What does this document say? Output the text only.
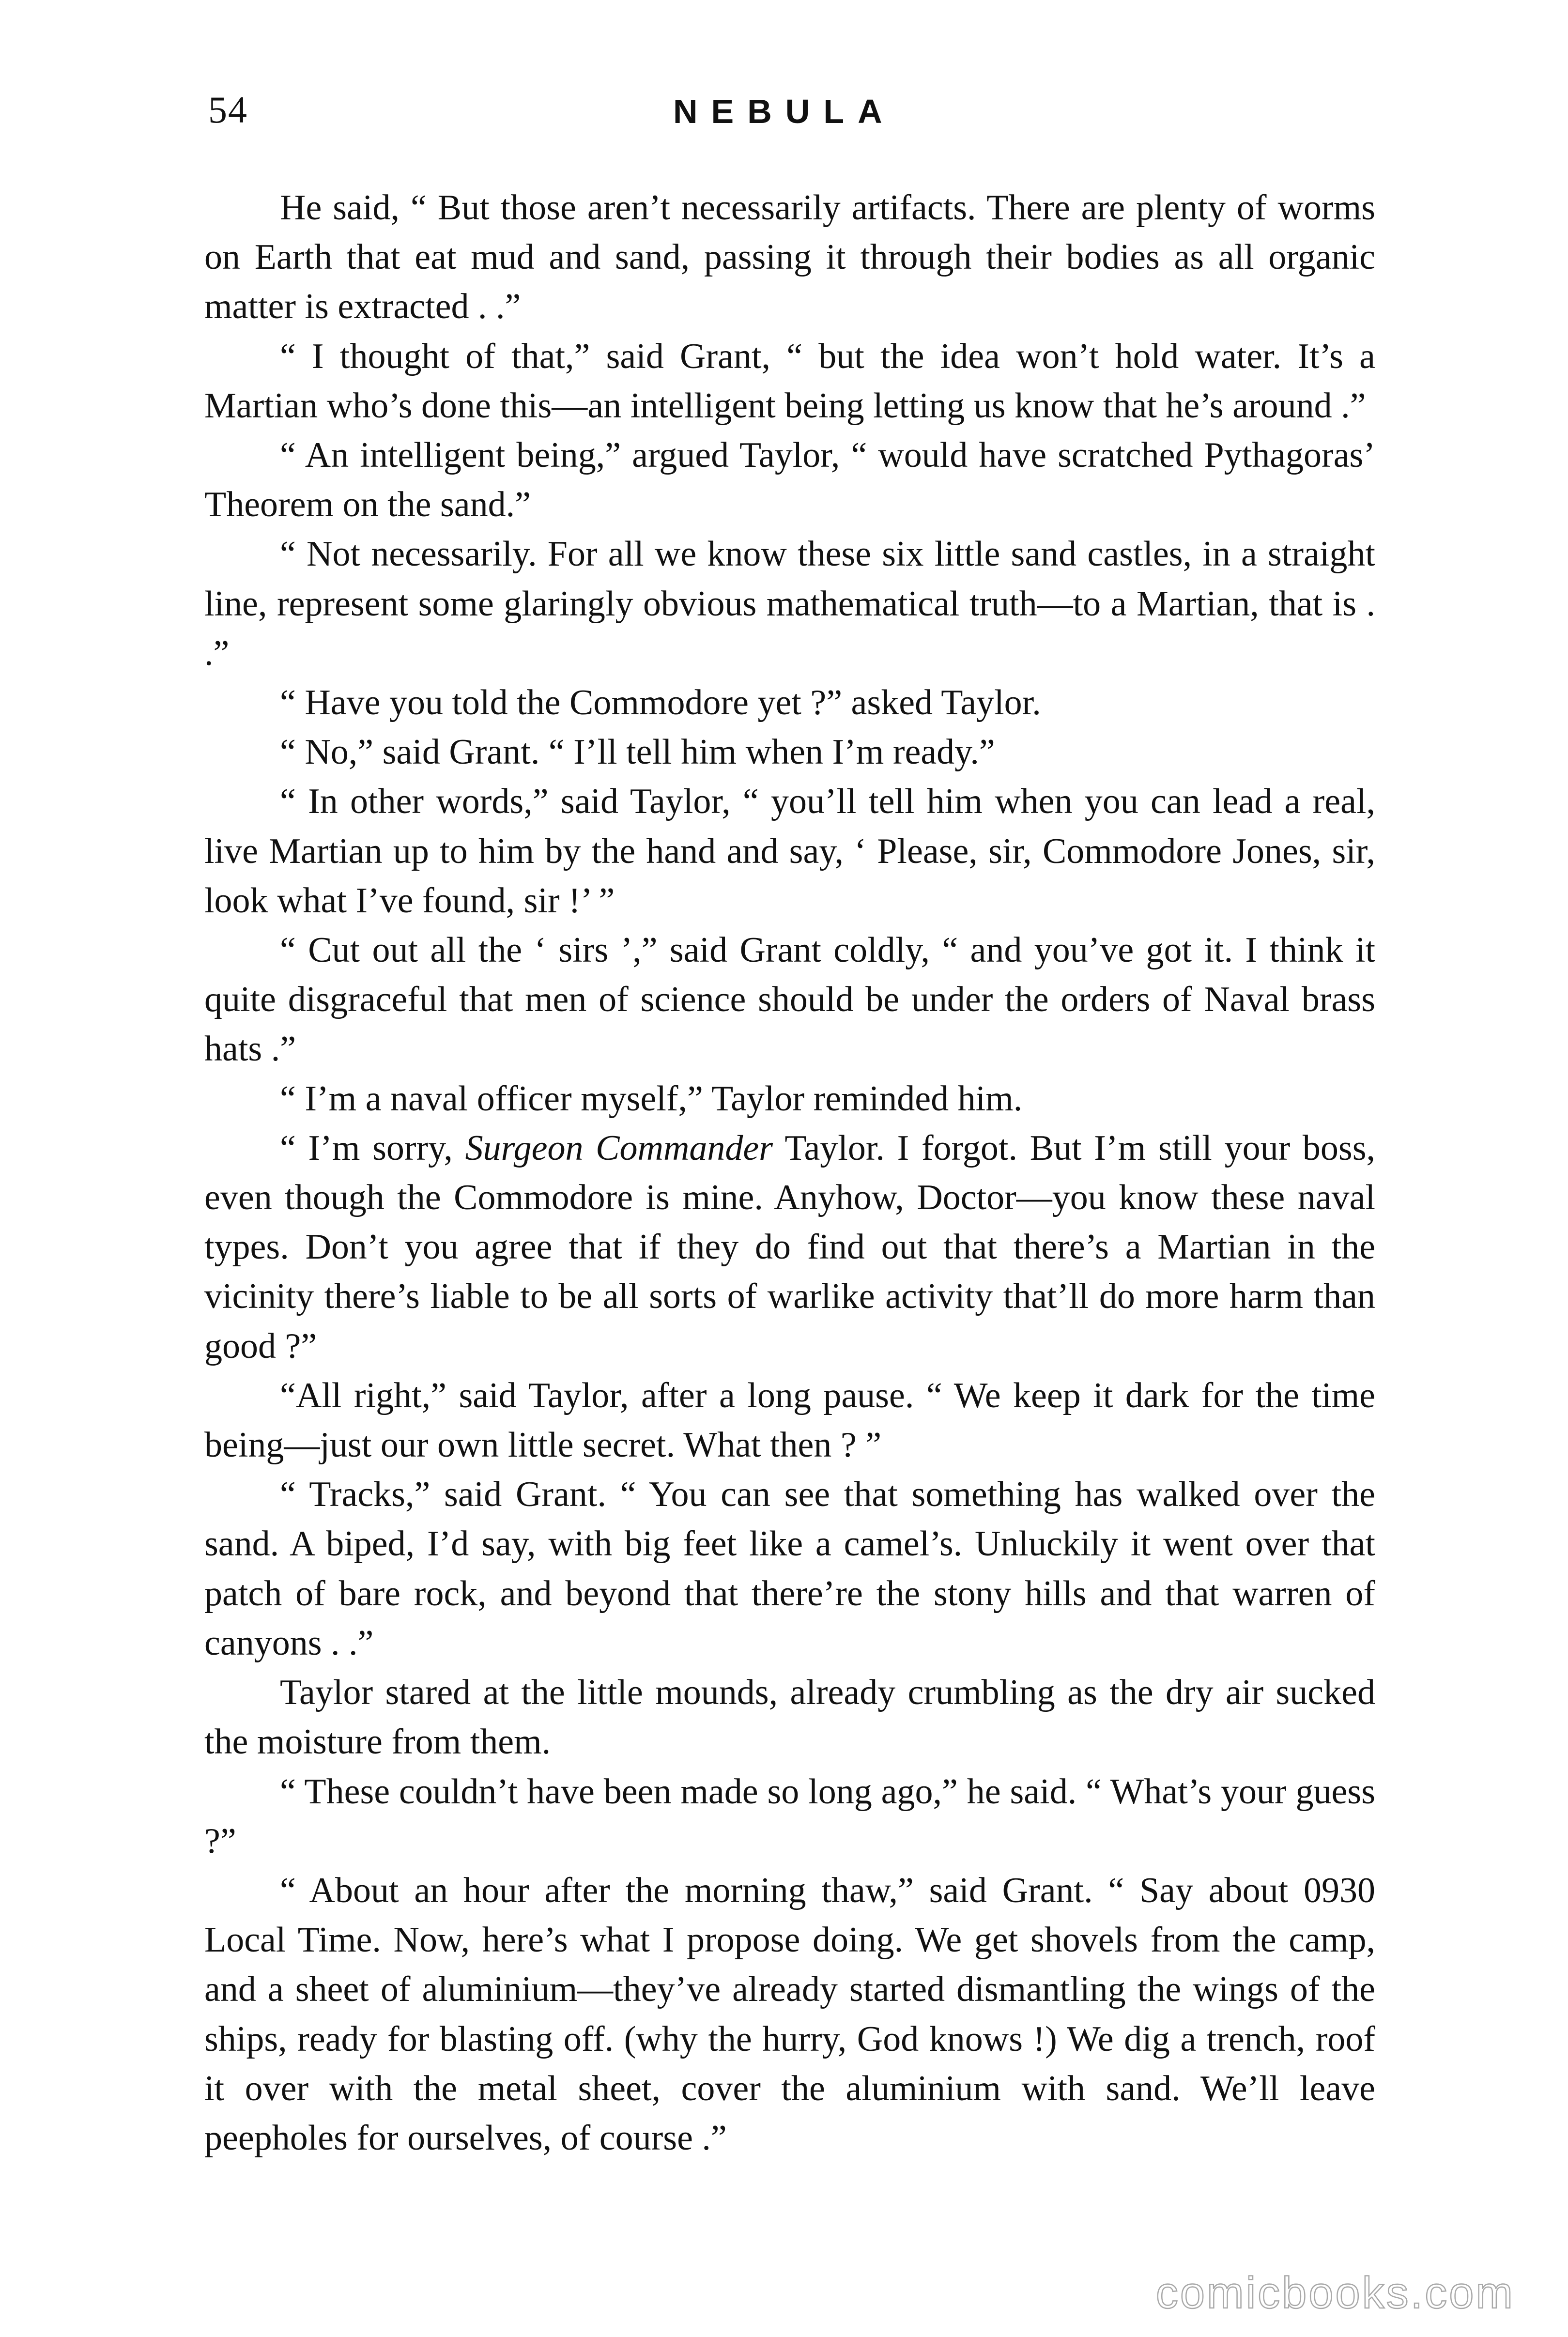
54	NEBULA

He said, “ But those aren’t necessarily artifacts. There are plenty of worms on Earth that eat mud and sand, passing it through their bodies as all organic matter is extracted . .”

“ I thought of that,” said Grant, “ but the idea won’t hold water. It’s a Martian who’s done this—an intelligent being letting us know that he’s around .”

“ An intelligent being,” argued Taylor, “ would have scratched Pythagoras’ Theorem on the sand.”

“ Not necessarily. For all we know these six little sand castles, in a straight line, represent some glaringly obvious mathematical truth—to a Martian, that is . .”

“ Have you told the Commodore yet ?” asked Taylor.

“ No,” said Grant. “ I’ll tell him when I’m ready.”

“ In other words,” said Taylor, “ you’ll tell him when you can lead a real, live Martian up to him by the hand and say, ‘ Please, sir, Commodore Jones, sir, look what I’ve found, sir !’ ”

“ Cut out all the ‘ sirs ’,” said Grant coldly, “ and you’ve got it. I think it quite disgraceful that men of science should be under the orders of Naval brass hats .”

“ I’m a naval officer myself,” Taylor reminded him.

“ I’m sorry, Surgeon Commander Taylor. I forgot. But I’m still your boss, even though the Commodore is mine. Anyhow, Doctor—you know these naval types. Don’t you agree that if they do find out that there’s a Martian in the vicinity there’s liable to be all sorts of warlike activity that’ll do more harm than good ?”

“All right,” said Taylor, after a long pause. “ We keep it dark for the time being—just our own little secret. What then ? ”

“ Tracks,” said Grant. “ You can see that something has walked over the sand. A biped, I’d say, with big feet like a camel’s. Unluckily it went over that patch of bare rock, and beyond that there’re the stony hills and that warren of canyons . .”

Taylor stared at the little mounds, already crumbling as the dry air sucked the moisture from them.

“ These couldn’t have been made so long ago,” he said. “ What’s your guess ?”

“ About an hour after the morning thaw,” said Grant. “ Say about 0930 Local Time. Now, here’s what I propose doing. We get shovels from the camp, and a sheet of aluminium—they’ve already started dismantling the wings of the ships, ready for blasting off. (why the hurry, God knows !) We dig a trench, roof it over with the metal sheet, cover the aluminium with sand. We’ll leave peepholes for ourselves, of course .”

comicbooks.com
